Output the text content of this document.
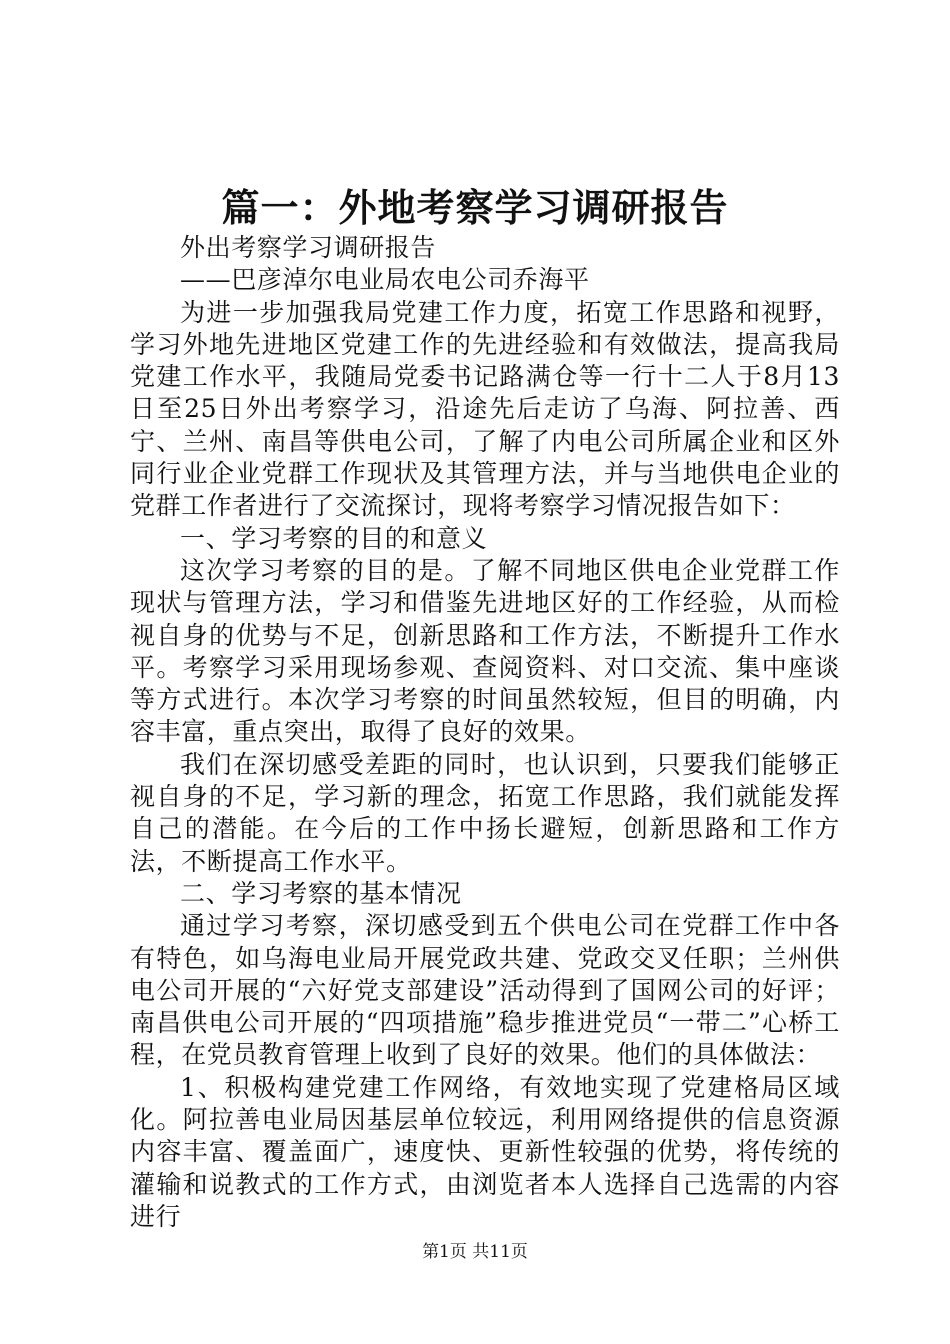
篇一：外地考察学习调研报告

外出考察学习调研报告

——巴彦淖尔电业局农电公司乔海平

为进一步加强我局党建工作力度，拓宽工作思路和视野，学习外地先进地区党建工作的先进经验和有效做法，提高我局党建工作水平，我随局党委书记路满仓等一行十二人于8月13日至25日外出考察学习，沿途先后走访了乌海、阿拉善、西宁、兰州、南昌等供电公司，了解了内电公司所属企业和区外同行业企业党群工作现状及其管理方法，并与当地供电企业的党群工作者进行了交流探讨，现将考察学习情况报告如下：

一、学习考察的目的和意义

这次学习考察的目的是。了解不同地区供电企业党群工作现状与管理方法，学习和借鉴先进地区好的工作经验，从而检视自身的优势与不足，创新思路和工作方法，不断提升工作水平。考察学习采用现场参观、查阅资料、对口交流、集中座谈等方式进行。本次学习考察的时间虽然较短，但目的明确，内容丰富，重点突出，取得了良好的效果。

我们在深切感受差距的同时，也认识到，只要我们能够正视自身的不足，学习新的理念，拓宽工作思路，我们就能发挥自己的潜能。在今后的工作中扬长避短，创新思路和工作方法，不断提高工作水平。

二、学习考察的基本情况

通过学习考察，深切感受到五个供电公司在党群工作中各有特色，如乌海电业局开展党政共建、党政交叉任职；兰州供电公司开展的“六好党支部建设”活动得到了国网公司的好评；南昌供电公司开展的“四项措施”稳步推进党员“一带二”心桥工程，在党员教育管理上收到了良好的效果。他们的具体做法：

1、积极构建党建工作网络，有效地实现了党建格局区域化。阿拉善电业局因基层单位较远，利用网络提供的信息资源内容丰富、覆盖面广，速度快、更新性较强的优势，将传统的灌输和说教式的工作方式，由浏览者本人选择自己选需的内容进行

第1页 共11页
